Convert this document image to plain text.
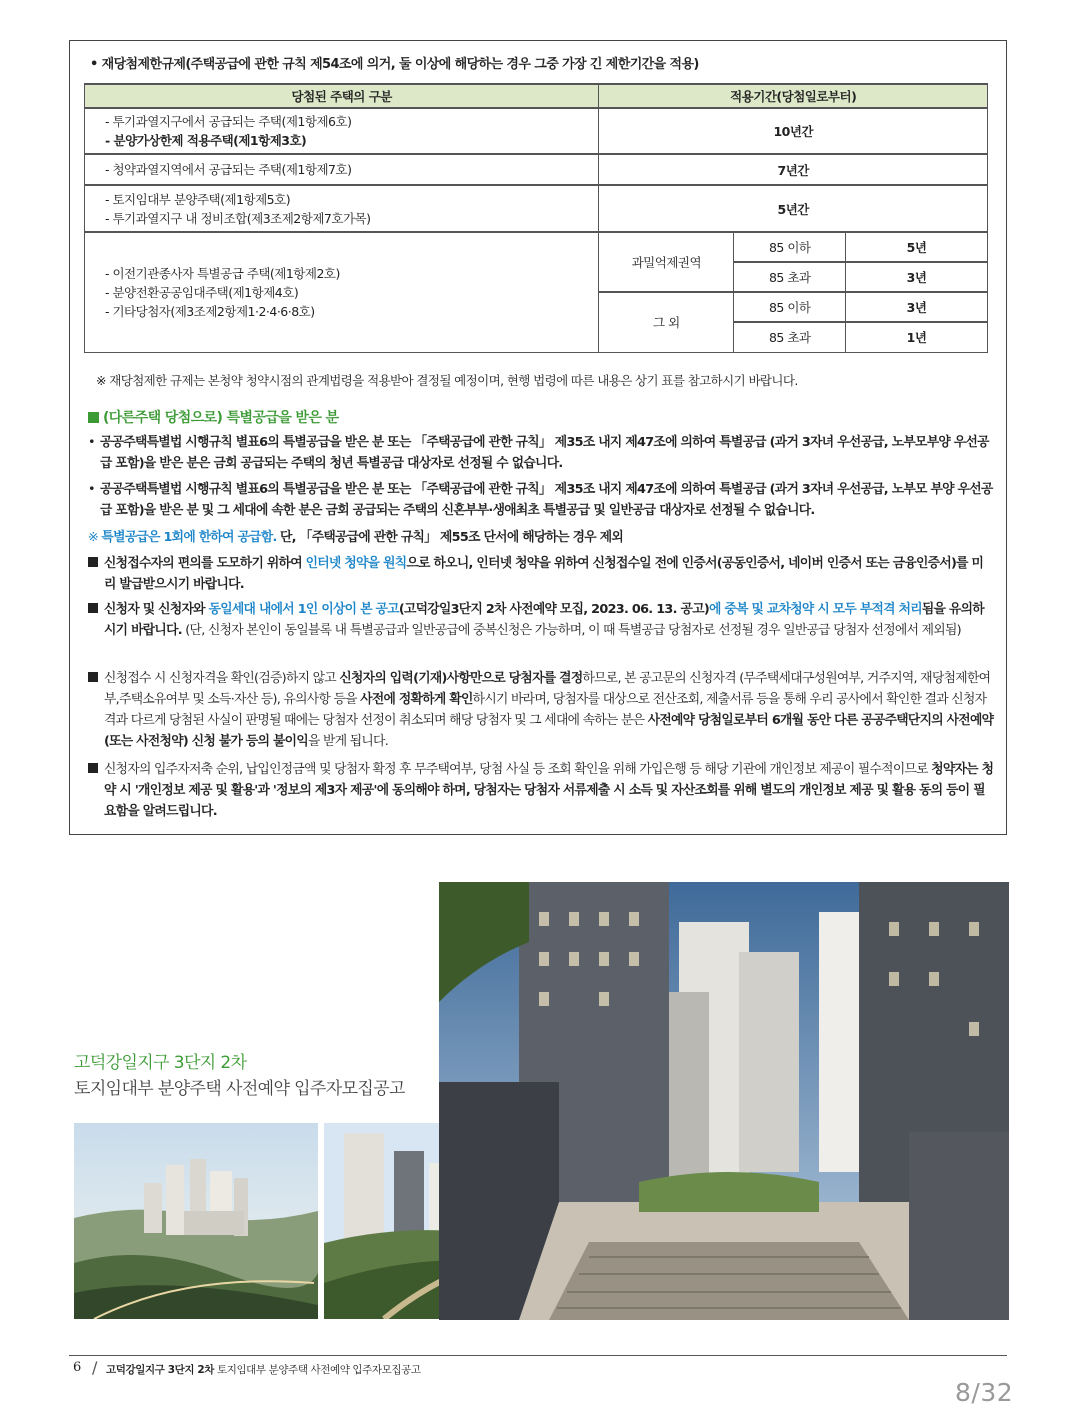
• 재당첨제한규제(주택공급에 관한 규칙 제54조에 의거, 둘 이상에 해당하는 경우 그중 가장 긴 제한기간을 적용)
당첨된 주택의 구분	적용기간(당첨일로부터)		

- 투기과열지구에서 공급되는 주택(제1항제6호)
- 분양가상한제 적용주택(제1항제3호)	10년간		
- 청약과열지역에서 공급되는 주택(제1항제7호)	7년간		

- 토지임대부 분양주택(제1항제5호)
- 투기과열지구 내 정비조합(제3조제2항제7호가목)	5년간		

- 이전기관종사자 특별공급 주택(제1항제2호)
- 분양전환공공임대주택(제1항제4호)
- 기타당첨자(제3조제2항제1·2·4·6·8호)	과밀억제권역	85 이하	5년
		85 초과	3년
	그 외	85 이하	3년
		85 초과	1년
※ 재당첨제한 규제는 본청약 청약시점의 관계법령을 적용받아 결정될 예정이며, 현행 법령에 따른 내용은 상기 표를 참고하시기 바랍니다.
(다른주택 당첨으로) 특별공급을 받은 분
• 공공주택특별법 시행규칙 별표6의 특별공급을 받은 분 또는 「주택공급에 관한 규칙」 제35조 내지 제47조에 의하여 특별공급 (과거 3자녀 우선공급, 노부모부양 우선공급 포함)을 받은 분은 금회 공급되는 주택의 청년 특별공급 대상자로 선정될 수 없습니다.
• 공공주택특별법 시행규칙 별표6의 특별공급을 받은 분 또는 「주택공급에 관한 규칙」 제35조 내지 제47조에 의하여 특별공급 (과거 3자녀 우선공급, 노부모 부양 우선공급 포함)을 받은 분 및 그 세대에 속한 분은 금회 공급되는 주택의 신혼부부·생애최초 특별공급 및 일반공급 대상자로 선정될 수 없습니다.
※ 특별공급은 1회에 한하여 공급함. 단, 「주택공급에 관한 규칙」 제55조 단서에 해당하는 경우 제외
신청접수자의 편의를 도모하기 위하여 인터넷 청약을 원칙으로 하오니, 인터넷 청약을 위하여 신청접수일 전에 인증서(공동인증서, 네이버 인증서 또는 금융인증서)를 미리 발급받으시기 바랍니다.
신청자 및 신청자와 동일세대 내에서 1인 이상이 본 공고(고덕강일3단지 2차 사전예약 모집, 2023. 06. 13. 공고)에 중복 및 교차청약 시 모두 부적격 처리됨을 유의하시기 바랍니다. (단, 신청자 본인이 동일블록 내 특별공급과 일반공급에 중복신청은 가능하며, 이 때 특별공급 당첨자로 선정될 경우 일반공급 당첨자 선정에서 제외됨)
신청접수 시 신청자격을 확인(검증)하지 않고 신청자의 입력(기재)사항만으로 당첨자를 결정하므로, 본 공고문의 신청자격 (무주택세대구성원여부, 거주지역, 재당첨제한여부,주택소유여부 및 소득·자산 등), 유의사항 등을 사전에 정확하게 확인하시기 바라며, 당첨자를 대상으로 전산조회, 제출서류 등을 통해 우리 공사에서 확인한 결과 신청자격과 다르게 당첨된 사실이 판명될 때에는 당첨자 선정이 취소되며 해당 당첨자 및 그 세대에 속하는 분은 사전예약 당첨일로부터 6개월 동안 다른 공공주택단지의 사전예약(또는 사전청약) 신청 불가 등의 불이익을 받게 됩니다.
신청자의 입주자저축 순위, 납입인정금액 및 당첨자 확정 후 무주택여부, 당첨 사실 등 조회 확인을 위해 가입은행 등 해당 기관에 개인정보 제공이 필수적이므로 청약자는 청약 시 '개인정보 제공 및 활용'과 '정보의 제3자 제공'에 동의해야 하며, 당첨자는 당첨자 서류제출 시 소득 및 자산조회를 위해 별도의 개인정보 제공 및 활용 동의 등이 필요함을 알려드립니다.
고덕강일지구 3단지 2차
토지임대부 분양주택 사전예약 입주자모집공고
6 / 고덕강일지구 3단지 2차 토지임대부 분양주택 사전예약 입주자모집공고
8/32
